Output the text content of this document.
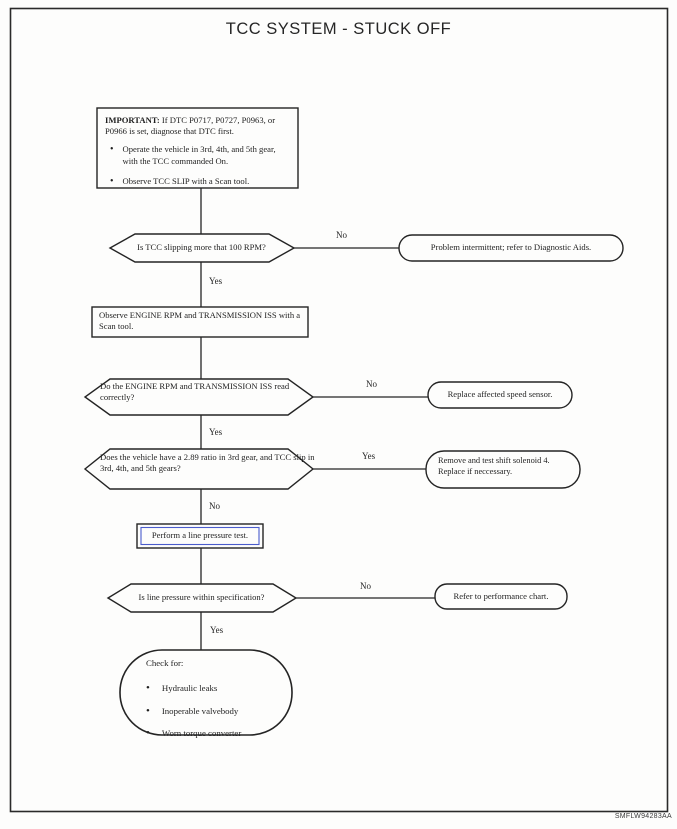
TCC SYSTEM - STUCK OFF

IMPORTANT: If DTC P0717, P0727, P0963, or P0966 is set, diagnose that DTC first.

• Operate the vehicle in 3rd, 4th, and 5th gear, with the TCC commanded On.
• Observe TCC SLIP with a Scan tool.
Is TCC slipping more that 100 RPM?
No
Problem intermittent; refer to Diagnostic Aids.
Yes
Observe ENGINE RPM and TRANSMISSION ISS with a Scan tool.
Do the ENGINE RPM and TRANSMISSION ISS read correctly?
No
Replace affected speed sensor.
Yes
Does the vehicle have a 2.89 ratio in 3rd gear, and TCC slip in 3rd, 4th, and 5th gears?
Yes	Remove and test shift solenoid 4. Replace if neccessary.
No
Perform a line pressure test.
Is line pressure within specification?
No
Refer to performance chart.
Yes
Check for:
• Hydraulic leaks
• Inoperable valvebody
• Worn torque converter
SMFLW94283AA
